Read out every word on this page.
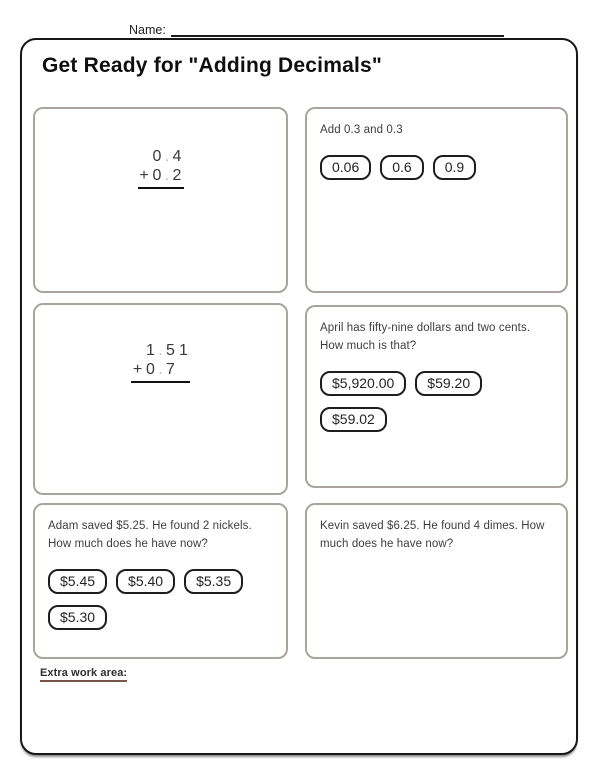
Name:
Get Ready for "Adding Decimals"
0 . 4
+ 0 . 2
Add 0.3 and 0.3
0.06	0.6	0.9
1 . 5 1
+ 0 . 7
April has fifty-nine dollars and two cents. How much is that?
$5,920.00	$59.20
$59.02
Adam saved $5.25. He found 2 nickels. How much does he have now?
$5.45	$5.40	$5.35
$5.30
Kevin saved $6.25. He found 4 dimes. How much does he have now?
Extra work area:
